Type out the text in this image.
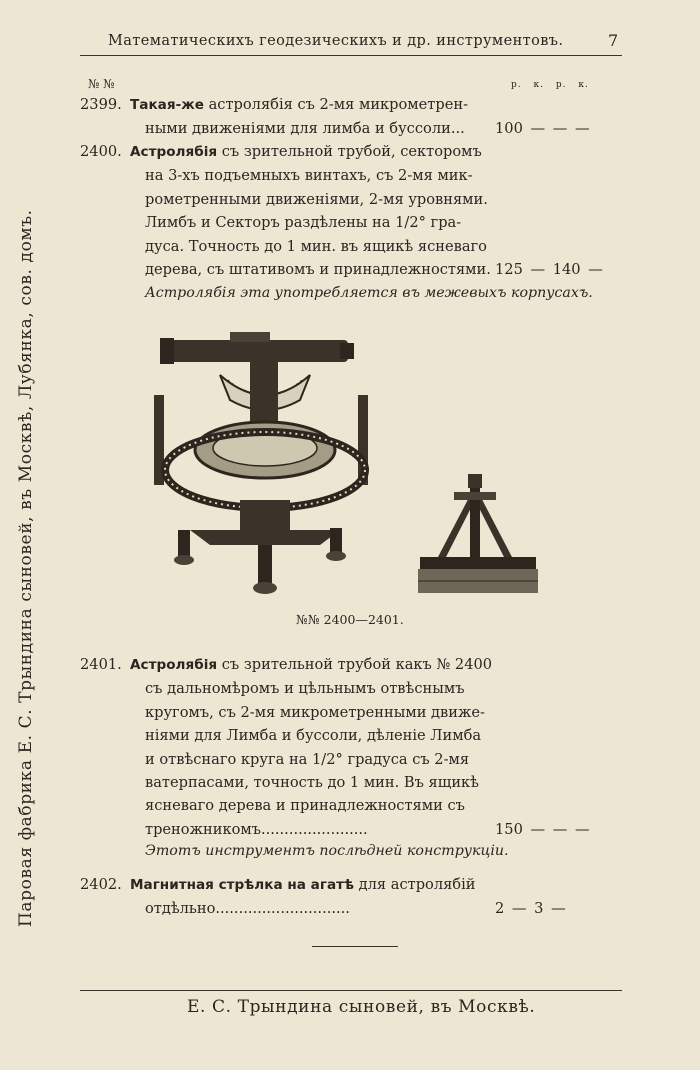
Математическихъ геодезическихъ и др. инструментовъ.	7
Паровая фабрика Е. С. Трындина сыновей, въ Москвѣ, Лубянка, сов. домъ.
№ №	р. к. р. к.
2399. Такая-же астролябія съ 2-мя микрометрен-
ными движеніями для лимба и буссоли... 100 — — —
2400. Астролябія съ зрительной трубой, секторомъ
на 3-хъ подъемныхъ винтахъ, съ 2-мя мик-
рометренными движеніями, 2-мя уровнями.
Лимбъ и Секторъ раздѣлены на 1/2° гра-
дуса. Точность до 1 мин. въ ящикѣ ясневаго
дерева, съ штативомъ и принадлежностями. 125 — 140 —
Астролябія эта употребляется въ межевыхъ корпусахъ.
№№ 2400—2401.
2401. Астролябія съ зрительной трубой какъ № 2400
съ дальномѣромъ и цѣльнымъ отвѣснымъ
кругомъ, съ 2-мя микрометренными движе-
ніями для Лимба и буссоли, дѣленіе Лимба
и отвѣснаго круга на 1/2° градуса съ 2-мя
ватерпасами, точность до 1 мин. Въ ящикѣ
ясневаго дерева и принадлежностями съ
треножникомъ.......................	150 — — —
Этотъ инструментъ послѣдней конструкціи.
2402. Магнитная стрѣлка на агатѣ для астролябій
отдѣльно.............................	2 — 3 —
Е. С. Трындина сыновей, въ Москвѣ.
